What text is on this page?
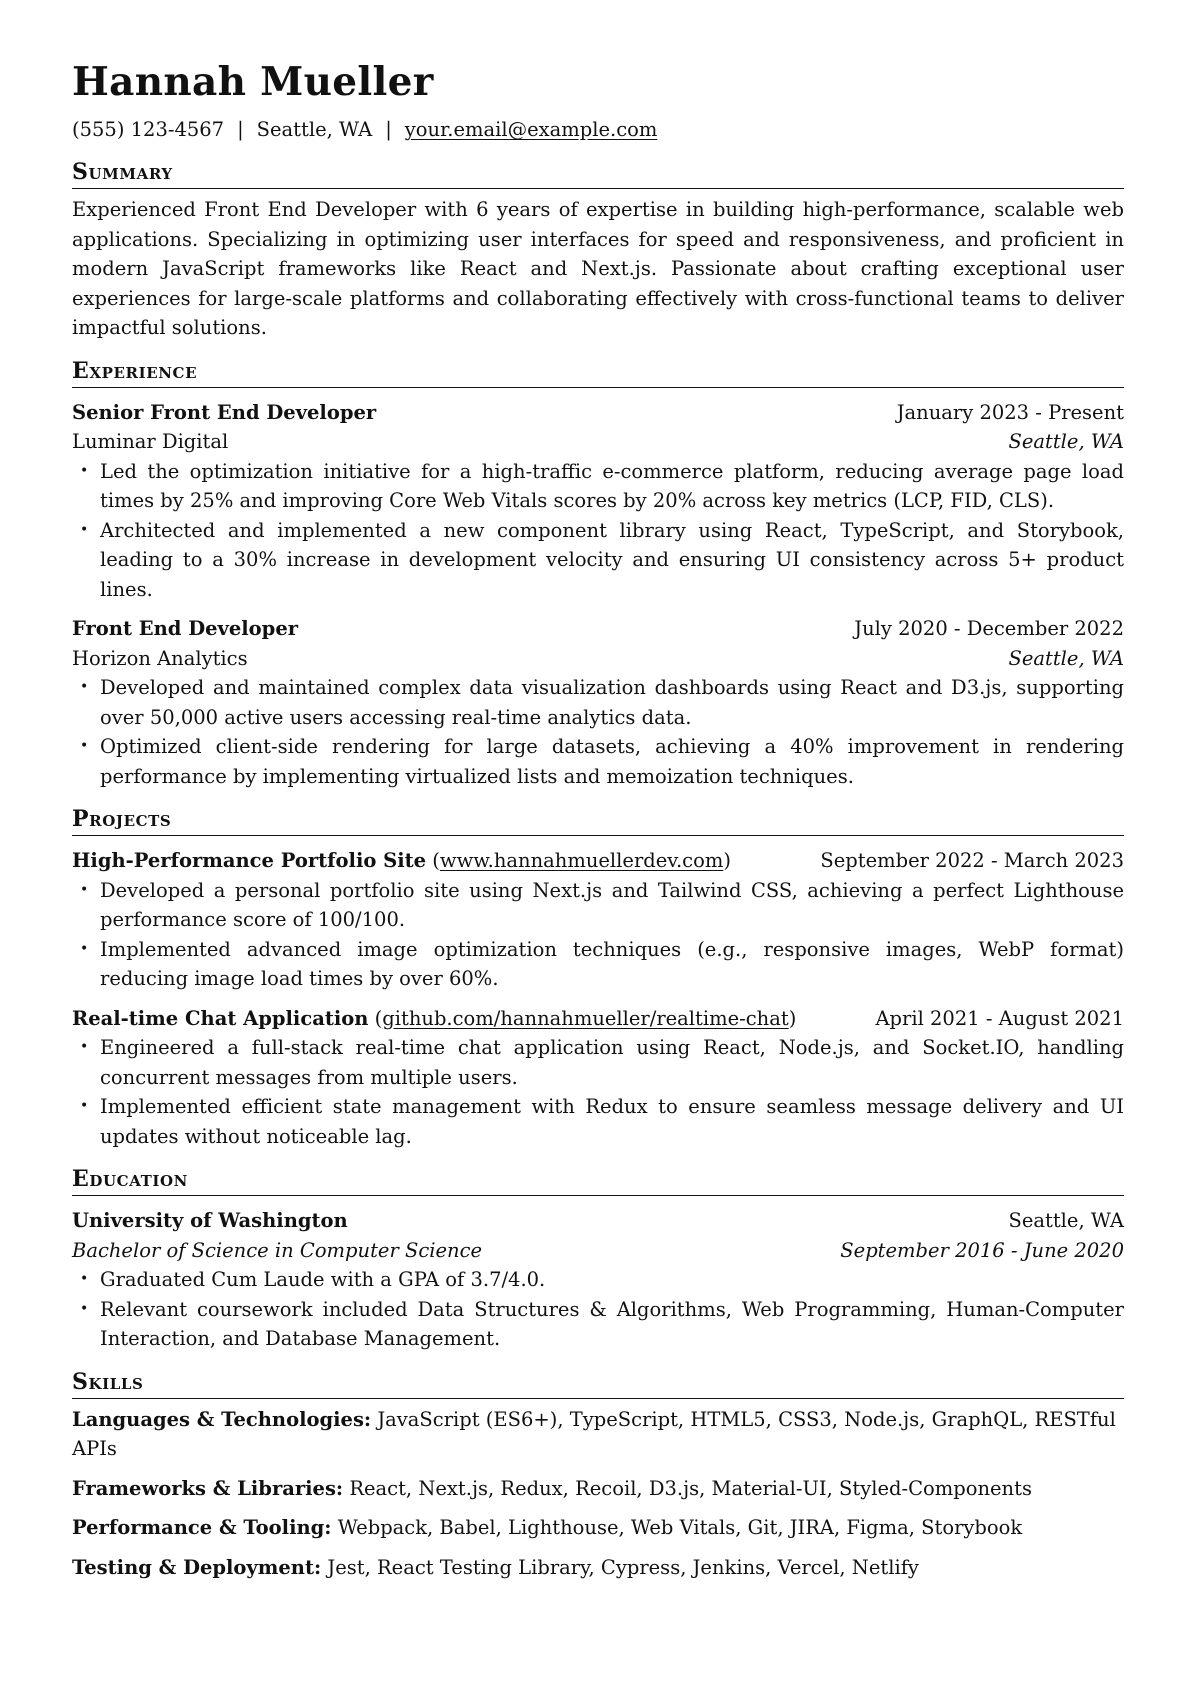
Hannah Mueller
(555) 123-4567 | Seattle, WA | your.email@example.com
Summary

Experienced Front End Developer with 6 years of expertise in building high-performance, scalable web applications. Specializing in optimizing user interfaces for speed and responsiveness, and proficient in modern JavaScript frameworks like React and Next.js. Passionate about crafting exceptional user experiences for large-scale platforms and collaborating effectively with cross-functional teams to deliver impactful solutions.

Experience
Senior Front End Developer	January 2023 - Present
Luminar Digital	Seattle, WA
• Led the optimization initiative for a high-traffic e-commerce platform, reducing average page load times by 25% and improving Core Web Vitals scores by 20% across key metrics (LCP, FID, CLS).
• Architected and implemented a new component library using React, TypeScript, and Storybook, leading to a 30% increase in development velocity and ensuring UI consistency across 5+ product lines.
Front End Developer	July 2020 - December 2022
Horizon Analytics	Seattle, WA
• Developed and maintained complex data visualization dashboards using React and D3.js, supporting over 50,000 active users accessing real-time analytics data.
• Optimized client-side rendering for large datasets, achieving a 40% improvement in rendering performance by implementing virtualized lists and memoization techniques.
Projects
High-Performance Portfolio Site (www.hannahmuellerdev.com)	September 2022 - March 2023
• Developed a personal portfolio site using Next.js and Tailwind CSS, achieving a perfect Lighthouse performance score of 100/100.
• Implemented advanced image optimization techniques (e.g., responsive images, WebP format) reducing image load times by over 60%.
Real-time Chat Application (github.com/hannahmueller/realtime-chat)	April 2021 - August 2021
• Engineered a full-stack real-time chat application using React, Node.js, and Socket.IO, handling concurrent messages from multiple users.
• Implemented efficient state management with Redux to ensure seamless message delivery and UI updates without noticeable lag.
Education
University of Washington	Seattle, WA
Bachelor of Science in Computer Science	September 2016 - June 2020
• Graduated Cum Laude with a GPA of 3.7/4.0.
• Relevant coursework included Data Structures & Algorithms, Web Programming, Human-Computer Interaction, and Database Management.
Skills

Languages & Technologies: JavaScript (ES6+), TypeScript, HTML5, CSS3, Node.js, GraphQL, RESTful APIs

Frameworks & Libraries: React, Next.js, Redux, Recoil, D3.js, Material-UI, Styled-Components

Performance & Tooling: Webpack, Babel, Lighthouse, Web Vitals, Git, JIRA, Figma, Storybook

Testing & Deployment: Jest, React Testing Library, Cypress, Jenkins, Vercel, Netlify
